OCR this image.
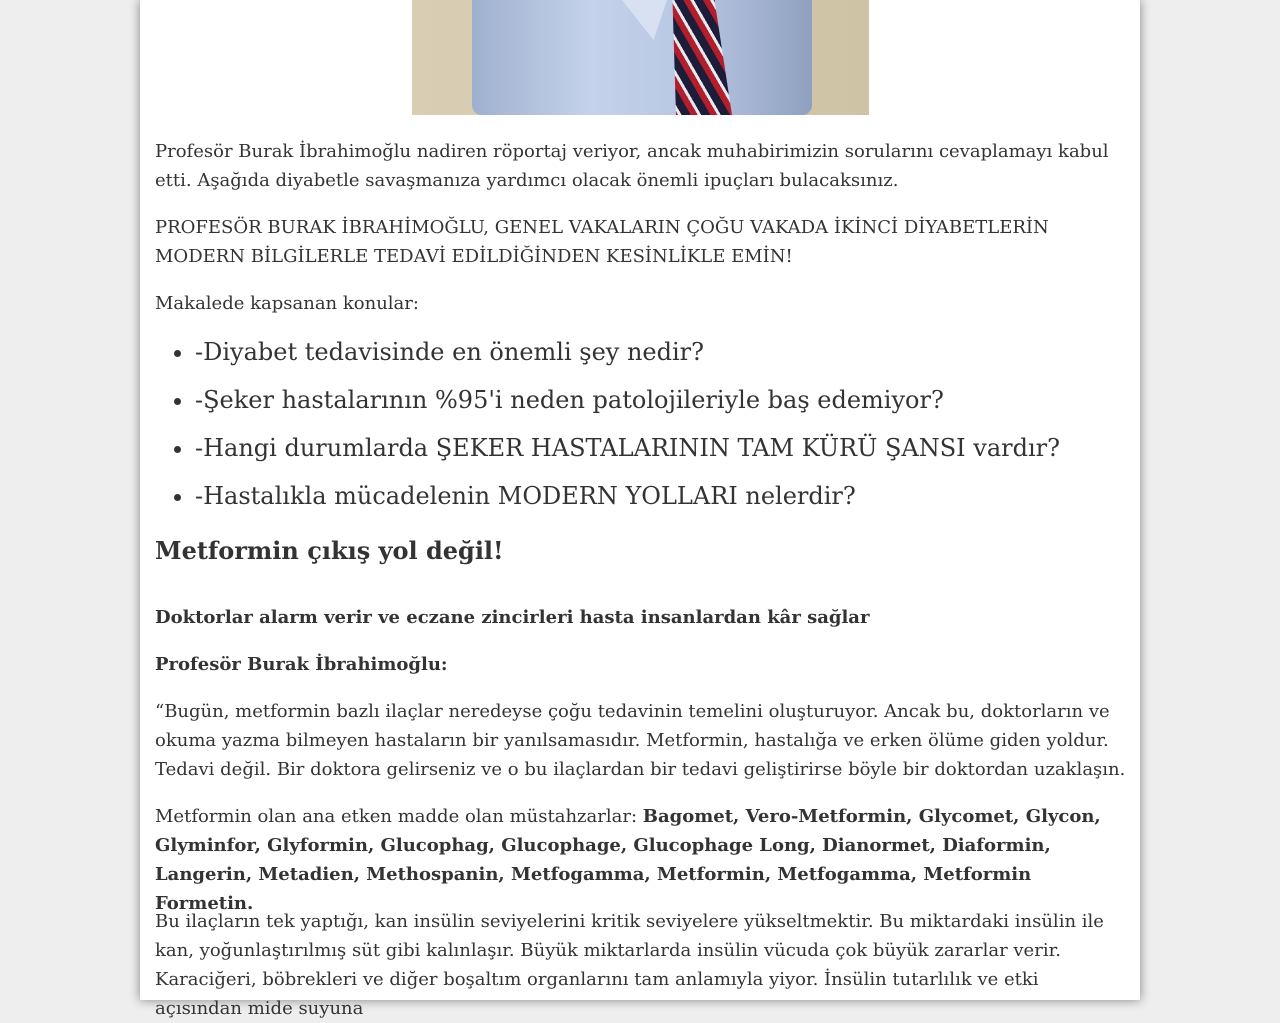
Profesör Burak İbrahimoğlu nadiren röportaj veriyor, ancak muhabirimizin sorularını cevaplamayı kabul etti. Aşağıda diyabetle savaşmanıza yardımcı olacak önemli ipuçları bulacaksınız.

PROFESÖR BURAK İBRAHİMOĞLU, GENEL VAKALARIN ÇOĞU VAKADA İKİNCİ DİYABETLERİN MODERN BİLGİLERLE TEDAVİ EDİLDİĞİNDEN KESİNLİKLE EMİN!

Makalede kapsanan konular:

• -Diyabet tedavisinde en önemli şey nedir?
• -Şeker hastalarının %95'i neden patolojileriyle baş edemiyor?
• -Hangi durumlarda ŞEKER HASTALARININ TAM KÜRÜ ŞANSI vardır?
• -Hastalıkla mücadelenin MODERN YOLLARI nelerdir?
Metformin çıkış yol değil!

Doktorlar alarm verir ve eczane zincirleri hasta insanlardan kâr sağlar

Profesör Burak İbrahimoğlu:

“Bugün, metformin bazlı ilaçlar neredeyse çoğu tedavinin temelini oluşturuyor. Ancak bu, doktorların ve okuma yazma bilmeyen hastaların bir yanılsamasıdır. Metformin, hastalığa ve erken ölüme giden yoldur. Tedavi değil. Bir doktora gelirseniz ve o bu ilaçlardan bir tedavi geliştirirse böyle bir doktordan uzaklaşın.

Metformin olan ana etken madde olan müstahzarlar: Bagomet, Vero-Metformin, Glycomet, Glycon, Glyminfor, Glyformin, Glucophag, Glucophage, Glucophage Long, Dianormet, Diaformin, Langerin, Metadien, Methospanin, Metfogamma, Metformin, Metfogamma, Metformin Formetin.

Bu ilaçların tek yaptığı, kan insülin seviyelerini kritik seviyelere yükseltmektir. Bu miktardaki insülin ile kan, yoğunlaştırılmış süt gibi kalınlaşır. Büyük miktarlarda insülin vücuda çok büyük zararlar verir. Karaciğeri, böbrekleri ve diğer boşaltım organlarını tam anlamıyla yiyor. İnsülin tutarlılık ve etki açısından mide suyuna
